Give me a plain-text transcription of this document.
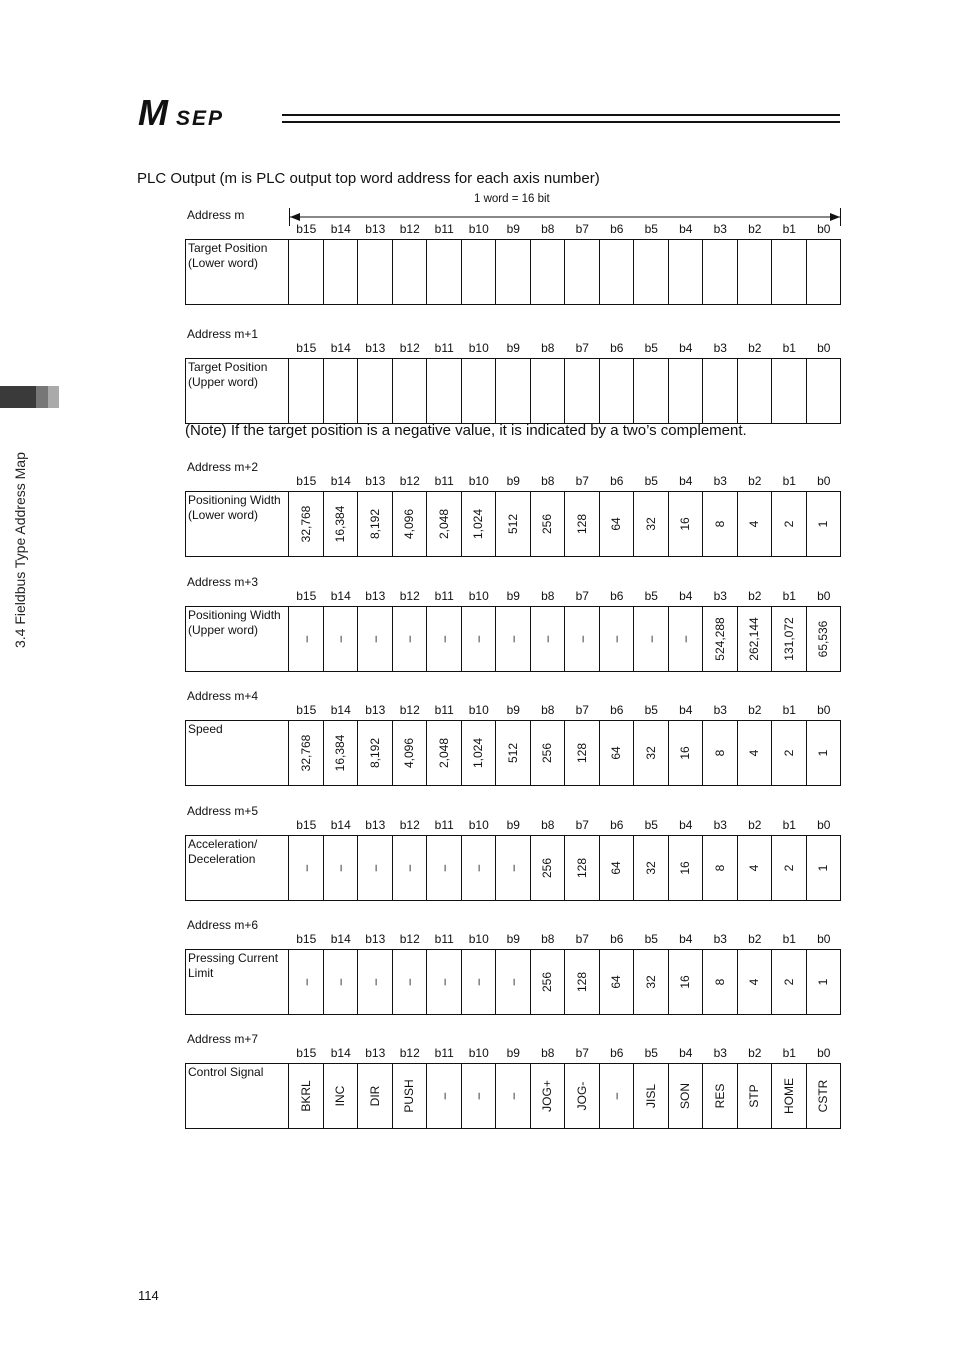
M SEP
3.4 Fieldbus Type Address Map
PLC Output (m is PLC output top word address for each axis number)
1 word = 16 bit
Address m
b15	b14	b13	b12	b11	b10	b9	b8	b7	b6	b5	b4	b3	b2	b1	b0
Target Position
(Lower word)
Address m+1
b15	b14	b13	b12	b11	b10	b9	b8	b7	b6	b5	b4	b3	b2	b1	b0
Target Position
(Upper word)
Address m+2
b15	b14	b13	b12	b11	b10	b9	b8	b7	b6	b5	b4	b3	b2	b1	b0
Positioning Width
(Lower word)	32,768 16,384 8,192 4,096 2,048 1,024 512 256 128 64 32 16 8 4 2 1
Address m+3
b15	b14	b13	b12	b11	b10	b9	b8	b7	b6	b5	b4	b3	b2	b1	b0
Positioning Width
(Upper word)
– – – – – – – – – – – – 524,288 262,144 131,072 65,536
Address m+4
b15	b14	b13	b12	b11	b10	b9	b8	b7	b6	b5	b4	b3	b2	b1	b0
Speed
32,768 16,384 8,192 4,096 2,048 1,024 512 256 128 64 32 16 8 4 2 1
Address m+5
b15	b14	b13	b12	b11	b10	b9	b8	b7	b6	b5	b4	b3	b2	b1	b0
Acceleration/
Deceleration
– – – – – – – 256 128 64 32 16 8 4 2 1
Address m+6
b15	b14	b13	b12	b11	b10	b9	b8	b7	b6	b5	b4	b3	b2	b1	b0
Pressing Current
Limit
– – – – – – – 256 128 64 32 16 8 4 2 1
Address m+7
b15	b14	b13	b12	b11	b10	b9	b8	b7	b6	b5	b4	b3	b2	b1	b0
Control Signal
BKRL INC DIR PUSH – – – JOG+ JOG- – JISL SON RES STP HOME CSTR
(Note) If the target position is a negative value, it is indicated by a two’s complement.
114
